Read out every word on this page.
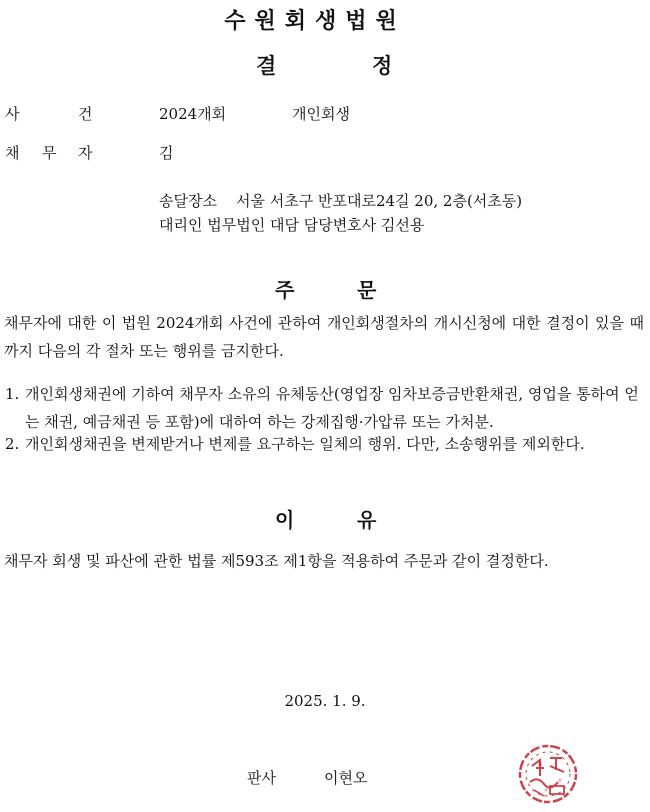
수원회생법원
결	정
사	건	2024개회	개인회생
채 무 자	김
송달장소 서울 서초구 반포대로24길 20, 2층(서초동)
대리인 법무법인 대담 담당변호사 김선용
주	문
채무자에 대한 이 법원 2024개회 사건에 관하여 개인회생절차의 개시신청에 대한 결정이 있을 때까지 다음의 각 절차 또는 행위를 금지한다.
1. 개인회생채권에 기하여 채무자 소유의 유체동산(영업장 임차보증금반환채권, 영업을 통하여 얻는 채권, 예금채권 등 포함)에 대하여 하는 강제집행·가압류 또는 가처분.
2. 개인회생채권을 변제받거나 변제를 요구하는 일체의 행위. 다만, 소송행위를 제외한다.
이	유
채무자 회생 및 파산에 관한 법률 제593조 제1항을 적용하여 주문과 같이 결정한다.
2025. 1. 9.
판사	이현오
